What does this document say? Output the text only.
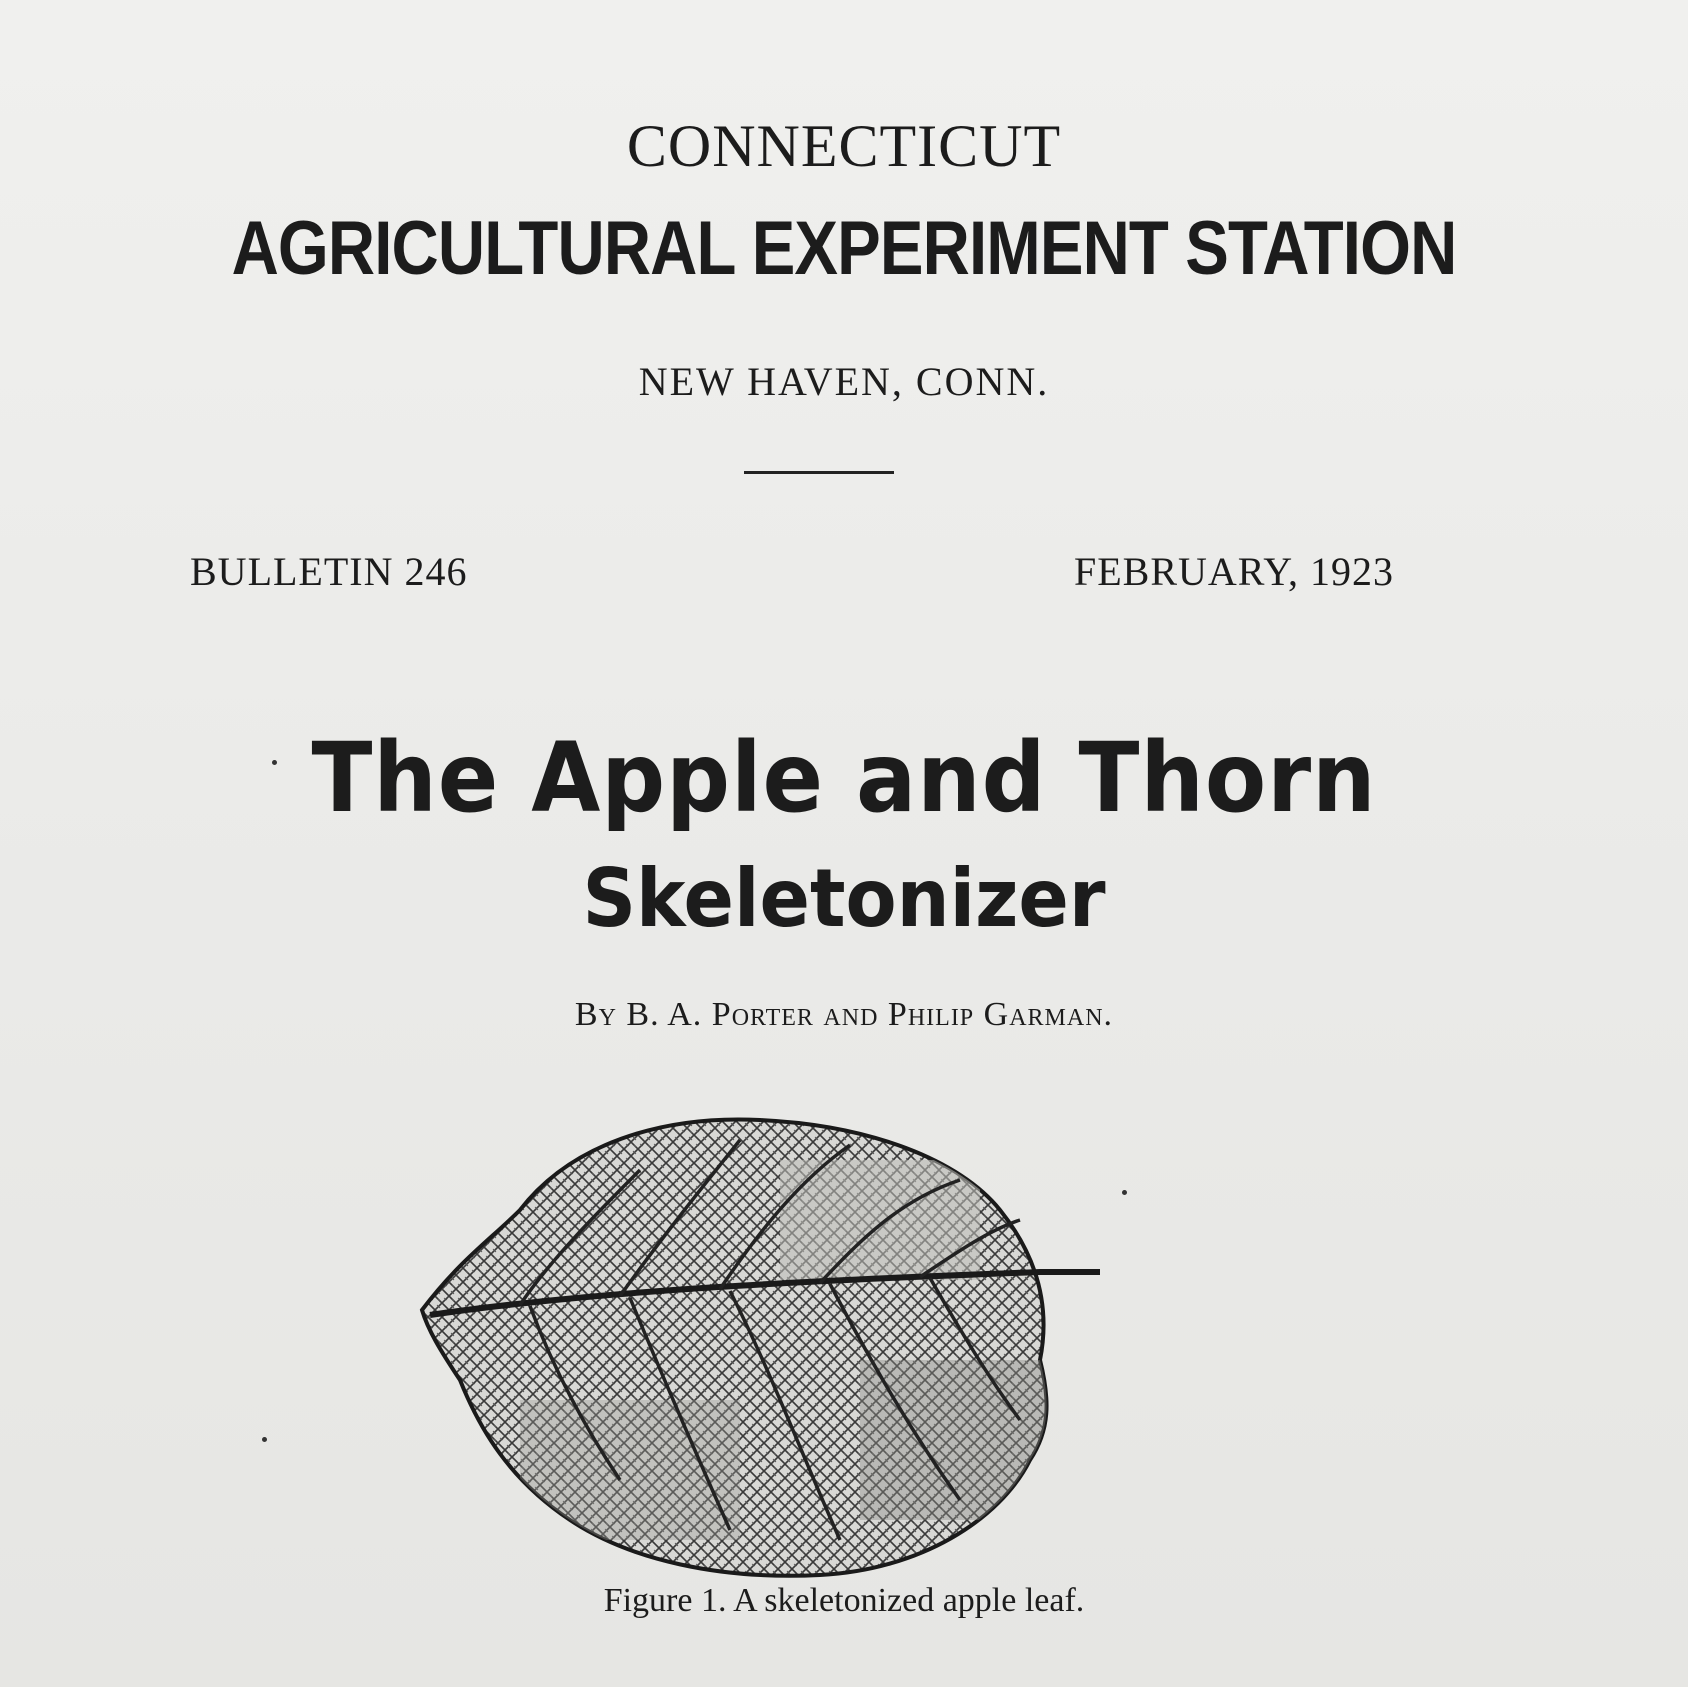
CONNECTICUT
AGRICULTURAL EXPERIMENT STATION
NEW HAVEN, CONN.
BULLETIN 246	FEBRUARY, 1923
The Apple and Thorn
Skeletonizer
By B. A. Porter and Philip Garman.
Figure 1. A skeletonized apple leaf.
